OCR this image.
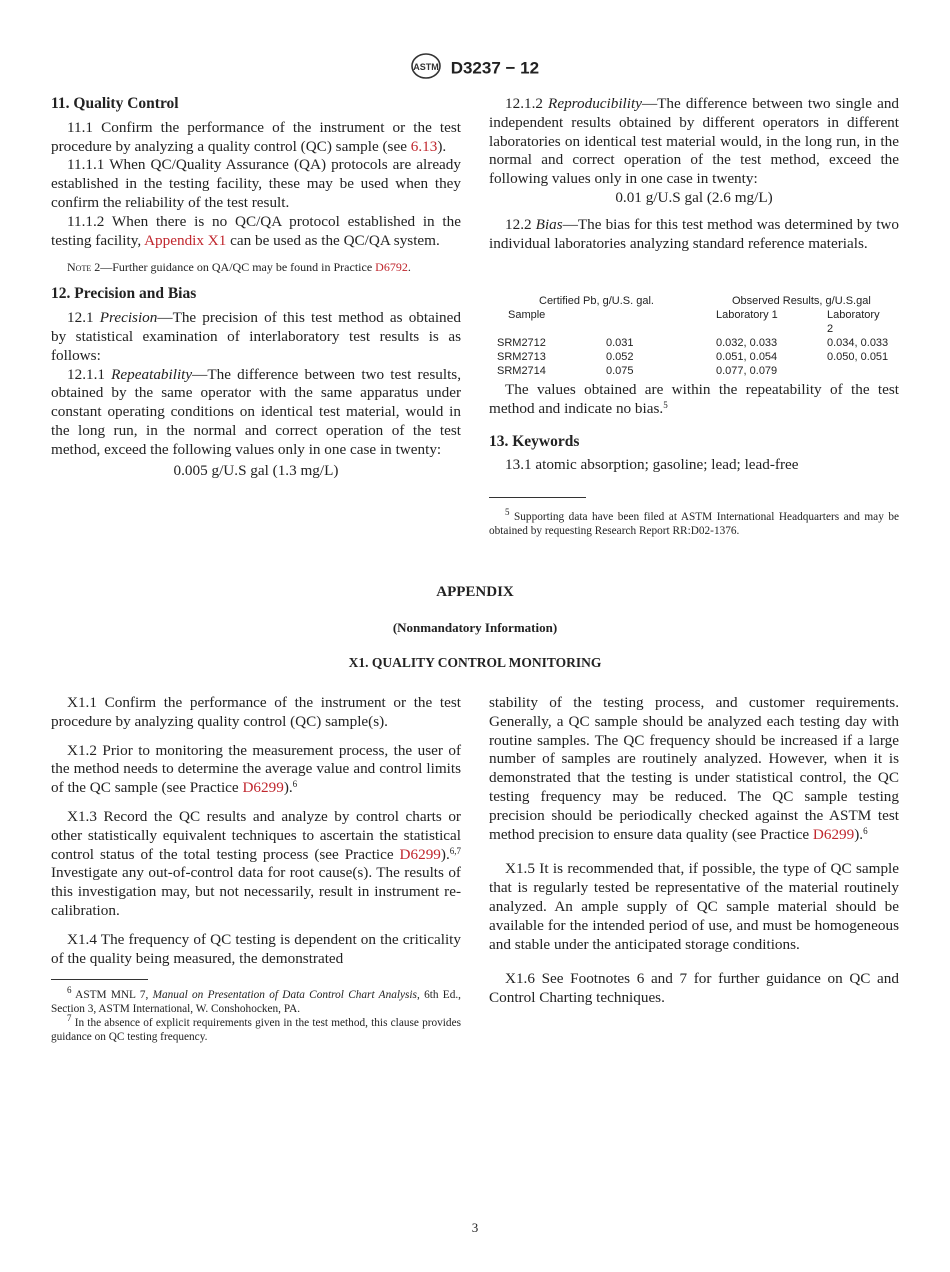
ASTM D3237 − 12

11. Quality Control

11.1 Confirm the performance of the instrument or the test procedure by analyzing a quality control (QC) sample (see 6.13).

11.1.1 When QC/Quality Assurance (QA) protocols are already established in the testing facility, these may be used when they confirm the reliability of the test result.

11.1.2 When there is no QC/QA protocol established in the testing facility, Appendix X1 can be used as the QC/QA system.

Note 2—Further guidance on QA/QC may be found in Practice D6792.

12. Precision and Bias

12.1 Precision—The precision of this test method as obtained by statistical examination of interlaboratory test results is as follows:

12.1.1 Repeatability—The difference between two test results, obtained by the same operator with the same apparatus under constant operating conditions on identical test material, would in the long run, in the normal and correct operation of the test method, exceed the following values only in one case in twenty:

0.005 g/U.S gal (1.3 mg/L)

12.1.2 Reproducibility—The difference between two single and independent results obtained by different operators in different laboratories on identical test material would, in the long run, in the normal and correct operation of the test method, exceed the following values only in one case in twenty:

0.01 g/U.S gal (2.6 mg/L)

12.2 Bias—The bias for this test method was determined by two individual laboratories analyzing standard reference materials.

Certified Pb, g/U.S. gal.	Observed Results, g/U.S.gal
Sample	Laboratory 1	Laboratory
2
SRM2712	0.031	0.032, 0.033	0.034, 0.033
SRM2713	0.052	0.051, 0.054	0.050, 0.051
SRM2714	0.075	0.077, 0.079

The values obtained are within the repeatability of the test method and indicate no bias.$^5$

13. Keywords

13.1 atomic absorption; gasoline; lead; lead-free

$^5$ Supporting data have been filed at ASTM International Headquarters and may be obtained by requesting Research Report RR:D02-1376.

APPENDIX
(Nonmandatory Information)
X1. QUALITY CONTROL MONITORING

X1.1 Confirm the performance of the instrument or the test procedure by analyzing quality control (QC) sample(s).

X1.2 Prior to monitoring the measurement process, the user of the method needs to determine the average value and control limits of the QC sample (see Practice D6299).$^6$

X1.3 Record the QC results and analyze by control charts or other statistically equivalent techniques to ascertain the statistical control status of the total testing process (see Practice D6299).$^{6,7}$ Investigate any out-of-control data for root cause(s). The results of this investigation may, but not necessarily, result in instrument re-calibration.

X1.4 The frequency of QC testing is dependent on the criticality of the quality being measured, the demonstrated

$^6$ ASTM MNL 7, Manual on Presentation of Data Control Chart Analysis, 6th Ed., Section 3, ASTM International, W. Conshohocken, PA.

$^7$ In the absence of explicit requirements given in the test method, this clause provides guidance on QC testing frequency.

stability of the testing process, and customer requirements. Generally, a QC sample should be analyzed each testing day with routine samples. The QC frequency should be increased if a large number of samples are routinely analyzed. However, when it is demonstrated that the testing is under statistical control, the QC testing frequency may be reduced. The QC sample testing precision should be periodically checked against the ASTM test method precision to ensure data quality (see Practice D6299).$^6$

X1.5 It is recommended that, if possible, the type of QC sample that is regularly tested be representative of the material routinely analyzed. An ample supply of QC sample material should be available for the intended period of use, and must be homogeneous and stable under the anticipated storage conditions.

X1.6 See Footnotes 6 and 7 for further guidance on QC and Control Charting techniques.

3
